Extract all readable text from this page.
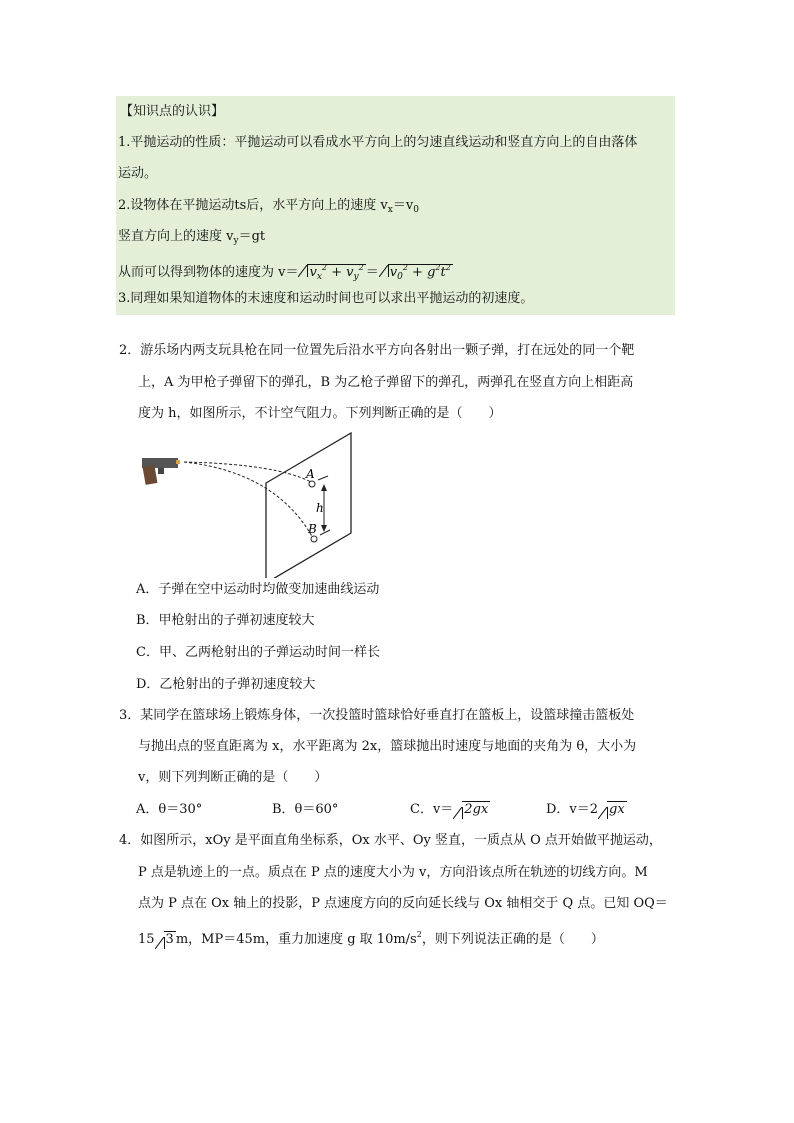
【知识点的认识】
1.平抛运动的性质：平抛运动可以看成水平方向上的匀速直线运动和竖直方向上的自由落体
运动。
2.设物体在平抛运动ts后，水平方向上的速度 $v_x=v_0$
竖直方向上的速度 $v_y=gt$
从而可以得到物体的速度为 $v= v_x^2 + v_y^2 = v_0^2 + g^2t^2$
3.同理如果知道物体的末速度和运动时间也可以求出平抛运动的初速度。
2．游乐场内两支玩具枪在同一位置先后沿水平方向各射出一颗子弹，打在远处的同一个靶
上，A 为甲枪子弹留下的弹孔，B 为乙枪子弹留下的弹孔，两弹孔在竖直方向上相距高
度为 h，如图所示，不计空气阻力。下列判断正确的是（　　）
A
B
h
A．子弹在空中运动时均做变加速曲线运动
B．甲枪射出的子弹初速度较大
C．甲、乙两枪射出的子弹运动时间一样长
D．乙枪射出的子弹初速度较大
3．某同学在篮球场上锻炼身体，一次投篮时篮球恰好垂直打在篮板上，设篮球撞击篮板处
与抛出点的竖直距离为 x，水平距离为 2x，篮球抛出时速度与地面的夹角为 θ，大小为
v，则下列判断正确的是（　　）
A．θ＝30°	B．θ＝60°	C．v＝ 2gx	D．v＝2 gx
4．如图所示，xOy 是平面直角坐标系，Ox 水平、Oy 竖直，一质点从 O 点开始做平抛运动，
P 点是轨迹上的一点。质点在 P 点的速度大小为 v，方向沿该点所在轨迹的切线方向。M
点为 P 点在 Ox 轴上的投影，P 点速度方向的反向延长线与 Ox 轴相交于 Q 点。已知 OQ＝
15 3 m，MP＝45m，重力加速度 g 取 $10m/s^2$，则下列说法正确的是（　　）
